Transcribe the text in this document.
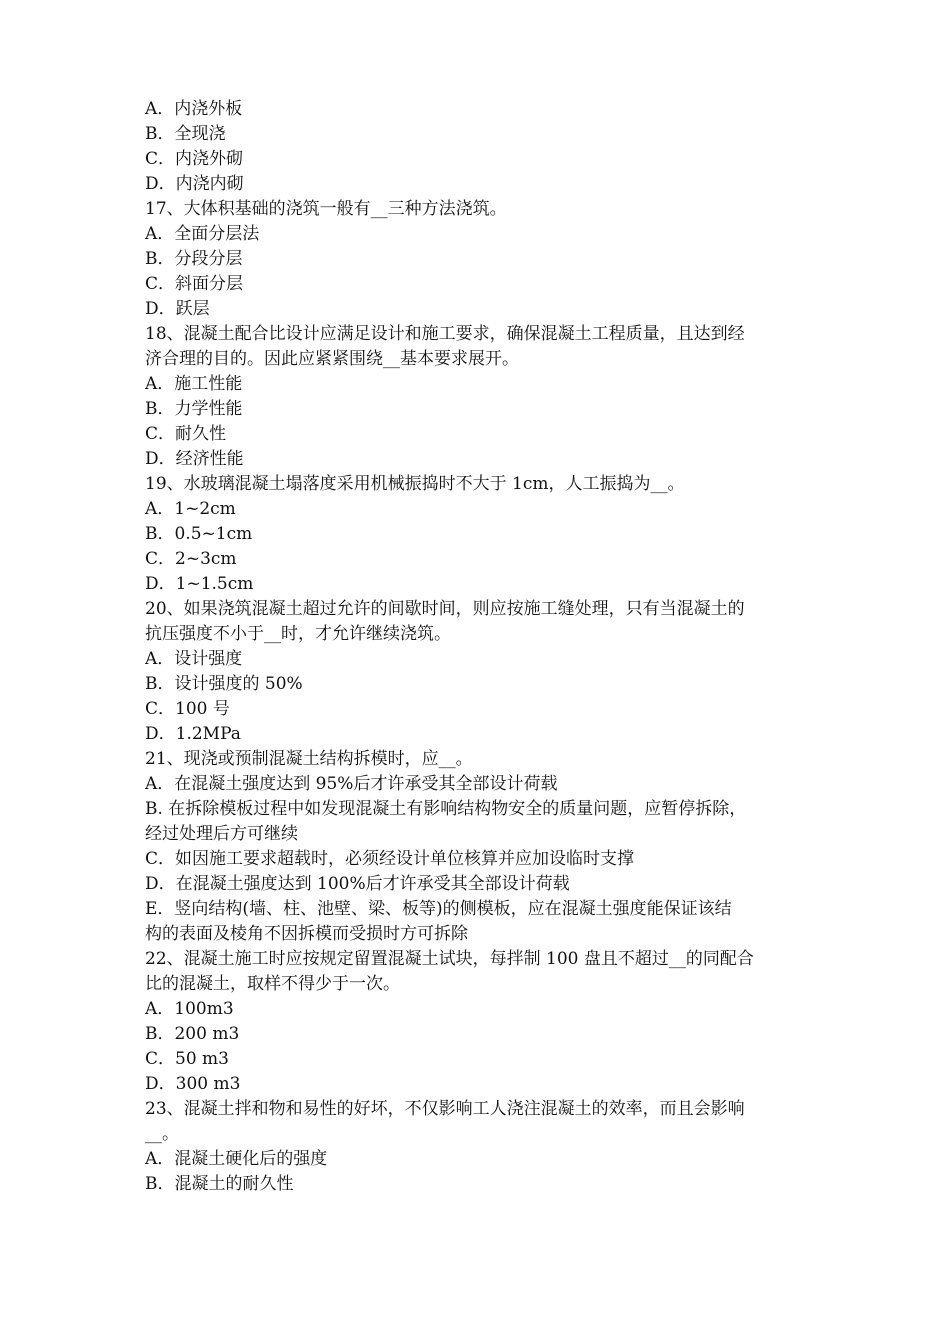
A．内浇外板
B．全现浇
C．内浇外砌
D．内浇内砌
17、大体积基础的浇筑一般有__三种方法浇筑。
A．全面分层法
B．分段分层
C．斜面分层
D．跃层
18、混凝土配合比设计应满足设计和施工要求，确保混凝土工程质量，且达到经
济合理的目的。因此应紧紧围绕__基本要求展开。
A．施工性能
B．力学性能
C．耐久性
D．经济性能
19、水玻璃混凝土塌落度采用机械振捣时不大于 1cm，人工振捣为__。
A．1~2cm
B．0.5~1cm
C．2~3cm
D．1~1.5cm
20、如果浇筑混凝土超过允许的间歇时间，则应按施工缝处理，只有当混凝土的
抗压强度不小于__时，才允许继续浇筑。
A．设计强度
B．设计强度的 50%
C．100 号
D．1.2MPa
21、现浇或预制混凝土结构拆模时，应__。
A．在混凝土强度达到 95%后才许承受其全部设计荷载
B. 在拆除模板过程中如发现混凝土有影响结构物安全的质量问题，应暂停拆除，
经过处理后方可继续
C．如因施工要求超载时，必须经设计单位核算并应加设临时支撑
D．在混凝土强度达到 100%后才许承受其全部设计荷载
E．竖向结构(墙、柱、池壁、梁、板等)的侧模板，应在混凝土强度能保证该结
构的表面及棱角不因拆模而受损时方可拆除
22、混凝土施工时应按规定留置混凝土试块，每拌制 100 盘且不超过__的同配合
比的混凝土，取样不得少于一次。
A．100m3
B．200 m3
C．50 m3
D．300 m3
23、混凝土拌和物和易性的好坏，不仅影响工人浇注混凝土的效率，而且会影响
__。
A．混凝土硬化后的强度
B．混凝土的耐久性
